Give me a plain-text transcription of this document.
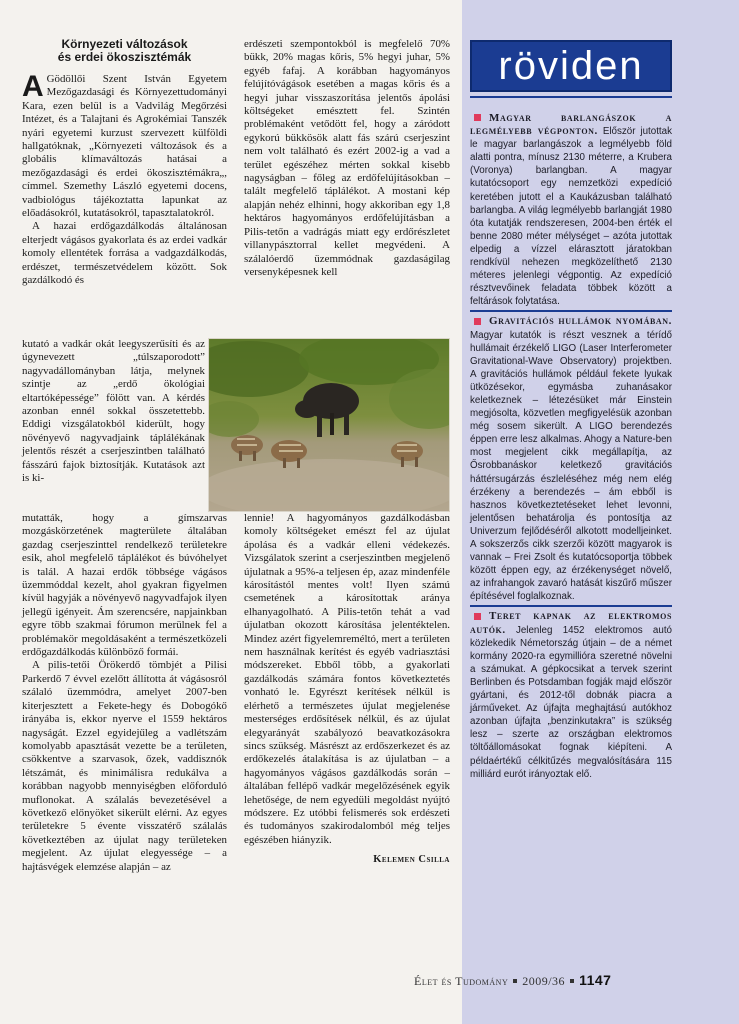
Környezeti változások
és erdei ökoszisztémák

A Gödöllői Szent István Egyetem Mezőgazdasági és Környezettudományi Kara, ezen belül is a Vadvilág Megőrzési Intézet, és a Talajtani és Agrokémiai Tanszék nyári egyetemi kurzust szervezett külföldi hallgatóknak, „Környezeti változások és a globális klímaváltozás hatásai a mezőgazdasági és erdei ökoszisztémákra„, címmel. Szemethy László egyetemi docens, vadbiológus tájékoztatta lapunkat az előadásokról, kutatásokról, tapasztalatokról.

A hazai erdőgazdálkodás általánosan elterjedt vágásos gyakorlata és az erdei vadkár komoly ellentétek forrása a vadgazdálkodás, erdészet, természetvédelem között. Sok gazdálkodó és

kutató a vadkár okát leegyszerűsíti és az úgynevezett „túlszaporodott” nagyvadállományban látja, melynek szintje az „erdő ökológiai eltartóképessége” fölött van. A kérdés azonban ennél sokkal összetettebb. Eddigi vizsgálatokból kiderült, hogy növényevő nagyvadjaink táplálékának jelentős részét a cserjeszintben található fásszárú fajok biztosítják. Kutatások azt is ki-

mutatták, hogy a gímszarvas mozgáskörzetének magterülete általában gazdag cserjeszinttel rendelkező területekre esik, ahol megfelelő táplálékot és búvóhelyet is talál. A hazai erdők többsége vágásos üzemmóddal kezelt, ahol gyakran figyelmen kívül hagyják a növényevő nagyvadfajok ilyen jellegű igényeit. Ám szerencsére, napjainkban egyre több szakmai fórumon merülnek fel a problémakör megoldásaként a természetközeli erdőgazdálkodás különböző formái.

A pilis-tetői Örökerdő tömbjét a Pilisi Parkerdő 7 évvel ezelőtt állította át vágásosról szálaló üzemmódra, amelyet 2007-ben kiterjesztett a Fekete-hegy és Dobogókő irányába is, ekkor nyerve el 1559 hektáros nagyságát. Ezzel egyidejűleg a vadlétszám komolyabb apasztását vezette be a területen, csökkentve a szarvasok, őzek, vaddisznók létszámát, és minimálisra redukálva a korábban nagyobb mennyiségben előforduló muflonokat. A szálalás bevezetésével a következő előnyöket sikerült elérni. Az egyes területekre 5 évente visszatérő szálalás következtében az újulat nagy területeken megjelent. Az újulat elegyessége – a hajtásvégek elemzése alapján – az

erdészeti szempontokból is megfelelő 70% bükk, 20% magas kőris, 5% hegyi juhar, 5% egyéb fafaj. A korábban hagyományos felújítóvágások esetében a magas kőris és a hegyi juhar visszaszorítása jelentős ápolási költségeket emésztett fel. Szintén problémaként vetődött fel, hogy a záródott egykorú bükkösök alatt fás szárú cserjeszint nem volt található és ezért 2002-ig a vad a terület egészéhez mérten sokkal kisebb nagyságban – főleg az erdőfelújításokban – talált megfelelő táplálékot. A mostani kép alapján nehéz elhinni, hogy akkoriban egy 1,8 hektáros hagyományos erdőfelújításban a Pilis-tetőn a vadrágás miatt egy erdőrészletet villanypásztorral kellet megvédeni. A szálalóerdő üzemmódnak gazdaságilag versenyképesnek kell

lennie! A hagyományos gazdálkodásban komoly költségeket emészt fel az újulat ápolása és a vadkár elleni védekezés. Vizsgálatok szerint a cserjeszintben megjelenő újulatnak a 95%-a teljesen ép, azaz mindenféle károsítástól mentes volt! Ilyen számú csemetének a károsítottak aránya elhanyagolható. A Pilis-tetőn tehát a vad újulatban okozott károsítása jelentéktelen. Mindez azért figyelemreméltó, mert a területen nem használnak kerítést és egyéb vadriasztási módszereket. Ebből több, a gyakorlati gazdálkodás számára fontos következtetés vonható le. Egyrészt kerítések nélkül is elérhető a természetes újulat megjelenése mesterséges erdősítések nélkül, és az újulat elegyarányát szabályozó beavatkozásokra sincs szükség. Másrészt az erdőszerkezet és az erdőkezelés átalakítása is az újulatban – a hagyományos vágásos gazdálkodás során – általában fellépő vadkár megelőzésének egyik lehetősége, de nem egyedüli megoldást nyújtó módszere. Ez utóbbi felismerés sok erdészeti és tudományos szakirodalomból még teljes egészében hiányzik.

Kelemen Csilla
röviden

Magyar barlangászok a legmélyebb végponton. Először jutottak le magyar barlangászok a legmélyebb föld alatti pontra, mínusz 2130 méterre, a Krubera (Voronya) barlangban. A magyar kutatócsoport egy nemzetközi expedíció keretében jutott el a Kaukázusban található barlangba. A világ legmélyebb barlangját 1980 óta kutatják rendszeresen, 2004-ben érték el benne 2080 méter mélységet – azóta jutottak elpedig a vízzel elárasztott járatokban rendkívül nehezen megközelíthető 2130 méteres jelenlegi végpontig. Az expedíció résztvevőinek feladata többek között a feltárások folytatása.

Gravitációs hullámok nyomában. Magyar kutatók is részt vesznek a térídő hullámait érzékelő LIGO (Laser Interferometer Gravitational-Wave Observatory) projektben. A gravitációs hullámok például fekete lyukak ütközésekor, egymásba zuhanásakor keletkeznek – létezésüket már Einstein megjósolta, közvetlen megfigyelésük azonban még sosem sikerült. A LIGO berendezés éppen erre lesz alkalmas. Ahogy a Nature-ben most megjelent cikk megállapítja, az Ősrobbanáskor keletkező gravitációs háttérsugárzás észleléséhez még nem elég érzékeny a berendezés – ám ebből is hasznos következtetéseket lehet levonni, jelentősen behatárolja és pontosítja az Univerzum fejlődéséről alkotott modelljeinket. A sokszerzős cikk szerzői között magyarok is vannak – Frei Zsolt és kutatócsoportja többek között éppen egy, az érzékenységet növelő, az infrahangok zavaró hatását kiszűrő műszer építésével foglalkoznak.

Teret kapnak az elektromos autók. Jelenleg 1452 elektromos autó közlekedik Németország útjain – de a német kormány 2020-ra egymillióra szeretné növelni a számukat. A gépkocsikat a tervek szerint Berlinben és Potsdamban fogják majd először gyártani, és 2012-től dobnák piacra a járműveket. Az újfajta meghajtású autókhoz azonban újfajta „benzinkutakra” is szükség lesz – szerte az országban elektromos töltőállomásokat fognak kiépíteni. A példaértékű célkitűzés megvalósítására 115 milliárd eurót irányoztak elő.

Élet és Tudomány 2009/36 1147
